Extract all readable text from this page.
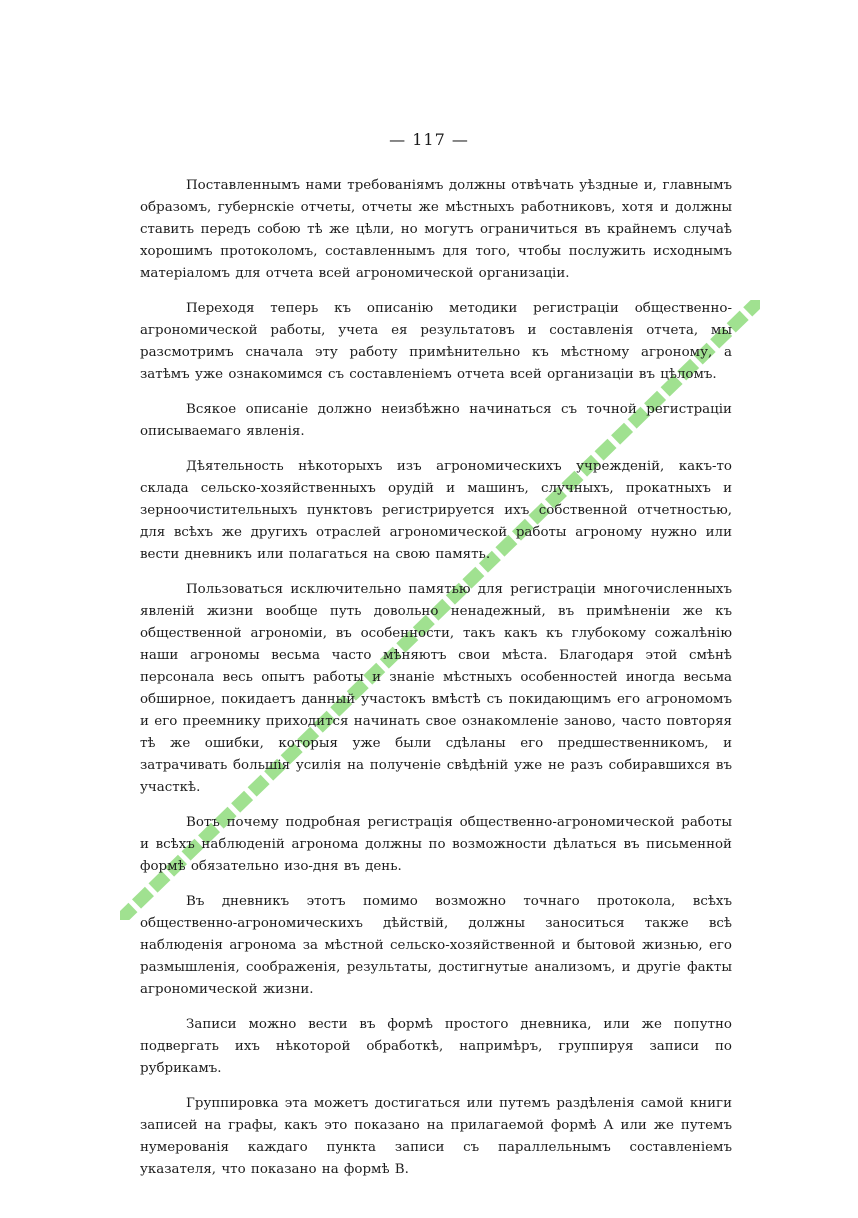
— 117 —

Поставленнымъ нами требованіямъ должны отвѣчать уѣздные и, главнымъ образомъ, губернскіе отчеты, отчеты же мѣстныхъ работниковъ, хотя и должны ставить передъ собою тѣ же цѣли, но могутъ ограничиться въ крайнемъ случаѣ хорошимъ протоколомъ, составленнымъ для того, чтобы послужить исходнымъ матеріаломъ для отчета всей агрономической организаціи.

Переходя теперь къ описанію методики регистраціи общественно-агрономической работы, учета ея результатовъ и составленія отчета, мы разсмотримъ сначала эту работу примѣнительно къ мѣстному агроному, а затѣмъ уже ознакомимся съ составленіемъ отчета всей организаціи въ цѣломъ.

Всякое описаніе должно неизбѣжно начинаться съ точной регистраціи описываемаго явленія.

Дѣятельность нѣкоторыхъ изъ агрономическихъ учрежденій, какъ-то склада сельско-хозяйственныхъ орудій и машинъ, случныхъ, прокатныхъ и зерноочистительныхъ пунктовъ регистрируется ихъ собственной отчетностью, для всѣхъ же другихъ отраслей агрономической работы агроному нужно или вести дневникъ или полагаться на свою память.

Пользоваться исключительно памятью для регистраціи многочисленныхъ явленій жизни вообще путь довольно ненадежный, въ примѣненіи же къ общественной агрономіи, въ особенности, такъ какъ къ глубокому сожалѣнію наши агрономы весьма часто мѣняютъ свои мѣста. Благодаря этой смѣнѣ персонала весь опытъ работы и знаніе мѣстныхъ особенностей иногда весьма обширное, покидаетъ данный участокъ вмѣстѣ съ покидающимъ его агрономомъ и его преемнику приходится начинать свое ознакомленіе заново, часто повторяя тѣ же ошибки, которыя уже были сдѣланы его предшественникомъ, и затрачивать большія усилія на полученіе свѣдѣній уже не разъ собиравшихся въ участкѣ.

Вотъ почему подробная регистрація общественно-агрономической работы и всѣхъ наблюденій агронома должны по возможности дѣлаться въ письменной формѣ обязательно изо-дня въ день.

Въ дневникъ этотъ помимо возможно точнаго протокола, всѣхъ общественно-агрономическихъ дѣйствій, должны заноситься также всѣ наблюденія агронома за мѣстной сельско-хозяйственной и бытовой жизнью, его размышленія, соображенія, результаты, достигнутые анализомъ, и другіе факты агрономической жизни.

Записи можно вести въ формѣ простого дневника, или же попутно подвергать ихъ нѣкоторой обработкѣ, напримѣръ, группируя записи по рубрикамъ.

Группировка эта можетъ достигаться или путемъ раздѣленія самой книги записей на графы, какъ это показано на прилагаемой формѣ А или же путемъ нумерованія каждаго пункта записи съ параллельнымъ составленіемъ указателя, что показано на формѣ В.
